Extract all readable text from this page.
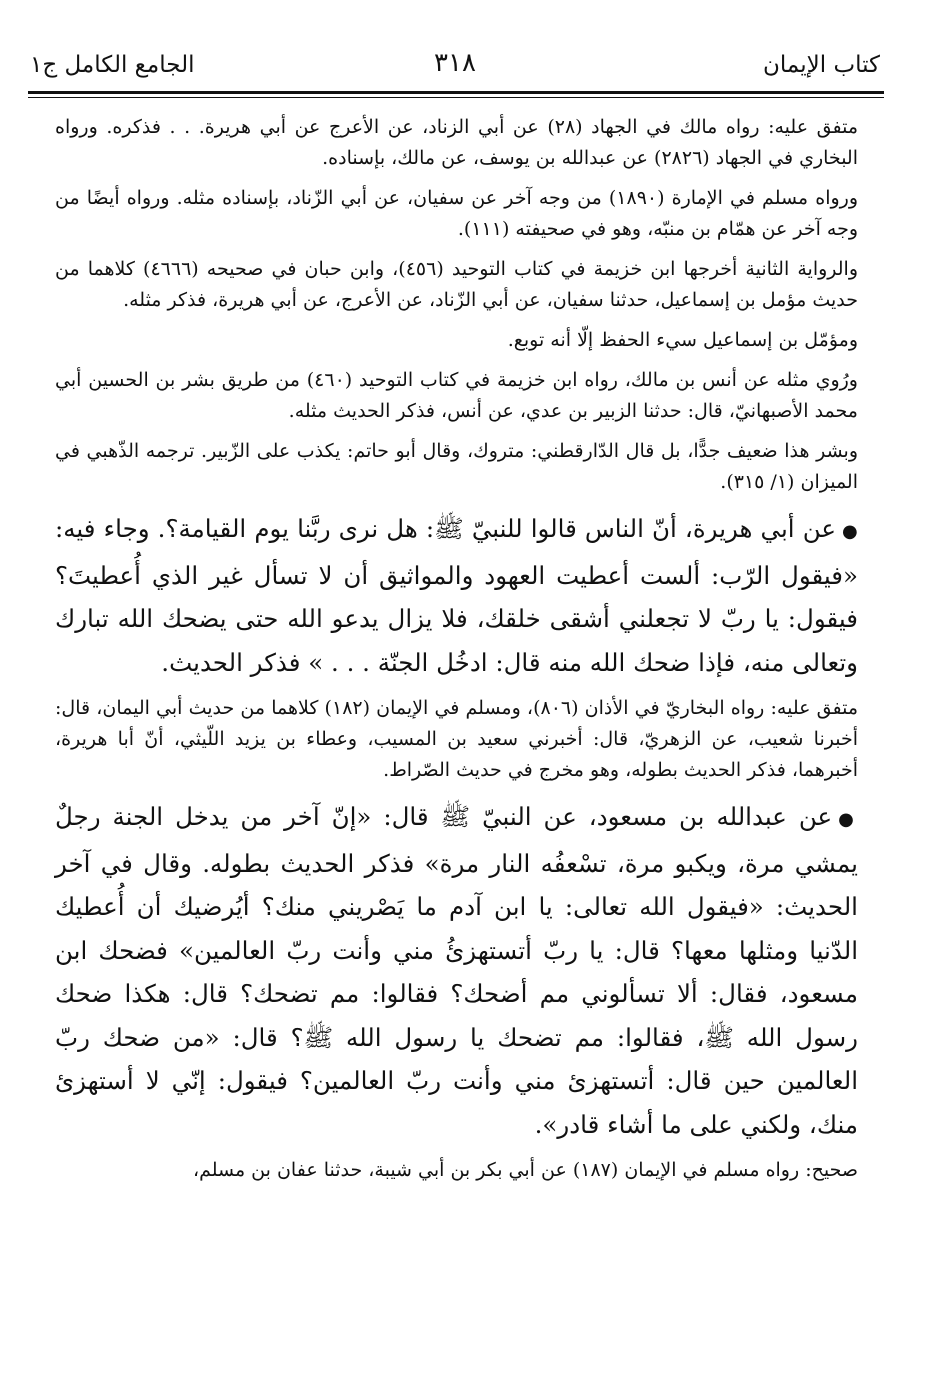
كتاب الإيمان
٣١٨
الجامع الكامل ج١

متفق عليه: رواه مالك في الجهاد (٢٨) عن أبي الزناد، عن الأعرج عن أبي هريرة. . . فذكره. ورواه البخاري في الجهاد (٢٨٢٦) عن عبدالله بن يوسف، عن مالك، بإسناده.

ورواه مسلم في الإمارة (١٨٩٠) من وجه آخر عن سفيان، عن أبي الزّناد، بإسناده مثله. ورواه أيضًا من وجه آخر عن همّام بن منبّه، وهو في صحيفته (١١١).

والرواية الثانية أخرجها ابن خزيمة في كتاب التوحيد (٤٥٦)، وابن حبان في صحيحه (٤٦٦٦) كلاهما من حديث مؤمل بن إسماعيل، حدثنا سفيان، عن أبي الزّناد، عن الأعرج، عن أبي هريرة، فذكر مثله.

ومؤمّل بن إسماعيل سيء الحفظ إلّا أنه توبع.

ورُوي مثله عن أنس بن مالك، رواه ابن خزيمة في كتاب التوحيد (٤٦٠) من طريق بشر بن الحسين أبي محمد الأصبهانيّ، قال: حدثنا الزبير بن عدي، عن أنس، فذكر الحديث مثله.

وبشر هذا ضعيف جدًّا، بل قال الدّارقطني: متروك، وقال أبو حاتم: يكذب على الزّبير. ترجمه الذّهبي في الميزان (١/ ٣١٥).

●عن أبي هريرة، أنّ الناس قالوا للنبيّ ﷺ: هل نرى ربَّنا يوم القيامة؟. وجاء فيه: «فيقول الرّب: ألست أعطيت العهود والمواثيق أن لا تسأل غير الذي أُعطيتَ؟ فيقول: يا ربّ لا تجعلني أشقى خلقك، فلا يزال يدعو الله حتى يضحك الله تبارك وتعالى منه، فإذا ضحك الله منه قال: ادخُل الجنّة . . . » فذكر الحديث.

متفق عليه: رواه البخاريّ في الأذان (٨٠٦)، ومسلم في الإيمان (١٨٢) كلاهما من حديث أبي اليمان، قال: أخبرنا شعيب، عن الزهريّ، قال: أخبرني سعيد بن المسيب، وعطاء بن يزيد اللّيثي، أنّ أبا هريرة، أخبرهما، فذكر الحديث بطوله، وهو مخرج في حديث الصّراط.

●عن عبدالله بن مسعود، عن النبيّ ﷺ قال: «إنّ آخر من يدخل الجنة رجلٌ يمشي مرة، ويكبو مرة، تسْعفُه النار مرة» فذكر الحديث بطوله. وقال في آخر الحديث: «فيقول الله تعالى: يا ابن آدم ما يَصْريني منك؟ أيُرضيك أن أُعطيك الدّنيا ومثلها معها؟ قال: يا ربّ أتستهزئُ مني وأنت ربّ العالمين» فضحك ابن مسعود، فقال: ألا تسألوني مم أضحك؟ فقالوا: مم تضحك؟ قال: هكذا ضحك رسول الله ﷺ، فقالوا: مم تضحك يا رسول الله ﷺ؟ قال: «من ضحك ربّ العالمين حين قال: أتستهزئ مني وأنت ربّ العالمين؟ فيقول: إنّي لا أستهزئ منك، ولكني على ما أشاء قادر».

صحيح: رواه مسلم في الإيمان (١٨٧) عن أبي بكر بن أبي شيبة، حدثنا عفان بن مسلم،
